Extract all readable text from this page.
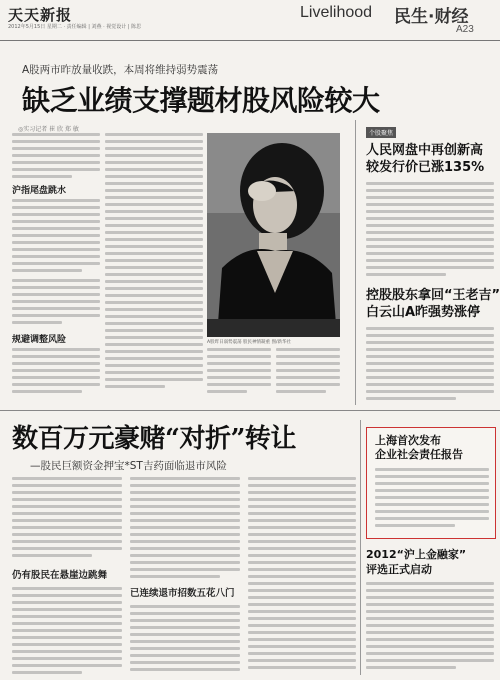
天天新报
2012年5月15日 星期二 · 责任编辑 | 刘燕 · 视觉设计 | 陈思
Livelihood 民生·财经
A23
A股两市昨放量收跌，本周将维持弱势震荡
缺乏业绩支撑题材股风险较大
◎实习记者 崔 欣 郑 敏
沪指尾盘跳水
规避调整风险	A股昨日弱势震荡 股民神情凝重 图/新华社
个股聚焦
人民网盘中再创新高
较发行价已涨135%
控股股东拿回“王老吉”
白云山A昨强势涨停
数百万元豪赌“对折”转让
—股民巨额资金押宝*ST吉药面临退市风险
仍有股民在悬崖边跳舞
已连续退市招数五花八门
上海首次发布
企业社会责任报告
2012“沪上金融家”
评选正式启动
